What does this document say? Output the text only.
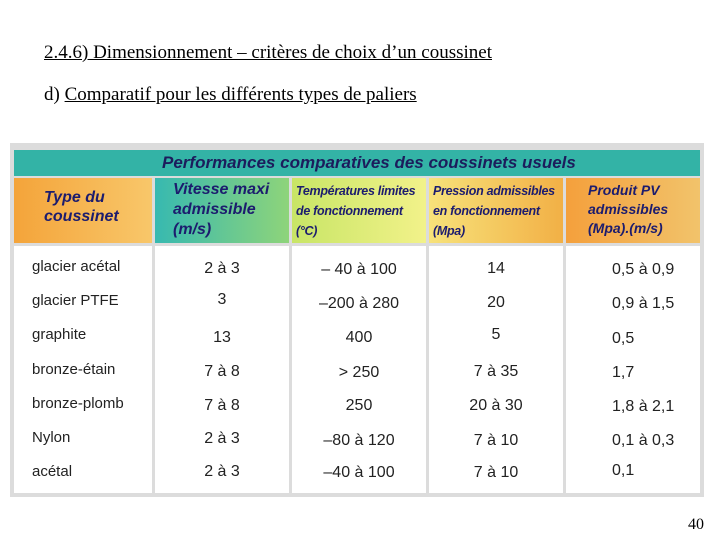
2.4.6) Dimensionnement – critères de choix d’un coussinet
d) Comparatif pour les différents types de paliers
Performances comparatives des coussinets usuels
Type du
coussinet
Vitesse maxi
admissible
(m/s)
Températures limites
de fonctionnement
(°C)
Pression admissibles
en fonctionnement
(Mpa)
Produit PV
admissibles
(Mpa).(m/s)
glacier acétal
glacier PTFE
graphite
bronze-étain
bronze-plomb
Nylon
acétal
2 à 3
3
13
7 à 8
7 à 8
2 à 3
2 à 3
– 40 à 100
–200 à 280
400
> 250
250
–80 à 120
–40 à 100
14
20
5
7 à 35
20 à 30
7 à 10
7 à 10
0,5 à 0,9
0,9 à 1,5
0,5
1,7
1,8 à 2,1
0,1 à 0,3
0,1
40
